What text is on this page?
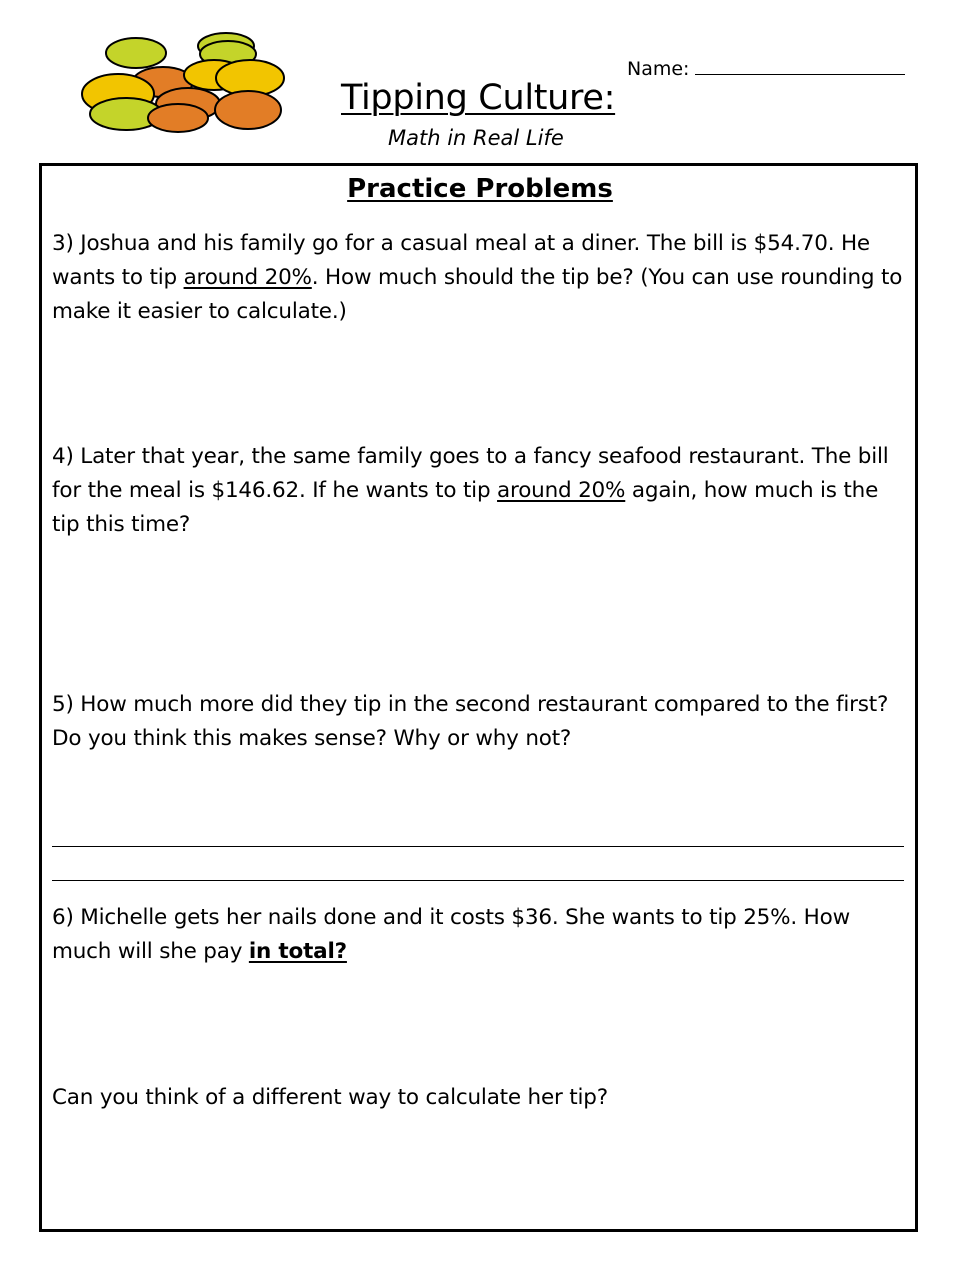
Name:
Tipping Culture:
Math in Real Life
Practice Problems
3) Joshua and his family go for a casual meal at a diner. The bill is $54.70. He wants to tip around 20%. How much should the tip be? (You can use rounding to make it easier to calculate.)
4) Later that year, the same family goes to a fancy seafood restaurant. The bill for the meal is $146.62. If he wants to tip around 20% again, how much is the tip this time?
5) How much more did they tip in the second restaurant compared to the first? Do you think this makes sense? Why or why not?
6) Michelle gets her nails done and it costs $36. She wants to tip 25%. How much will she pay in total?
Can you think of a different way to calculate her tip?
